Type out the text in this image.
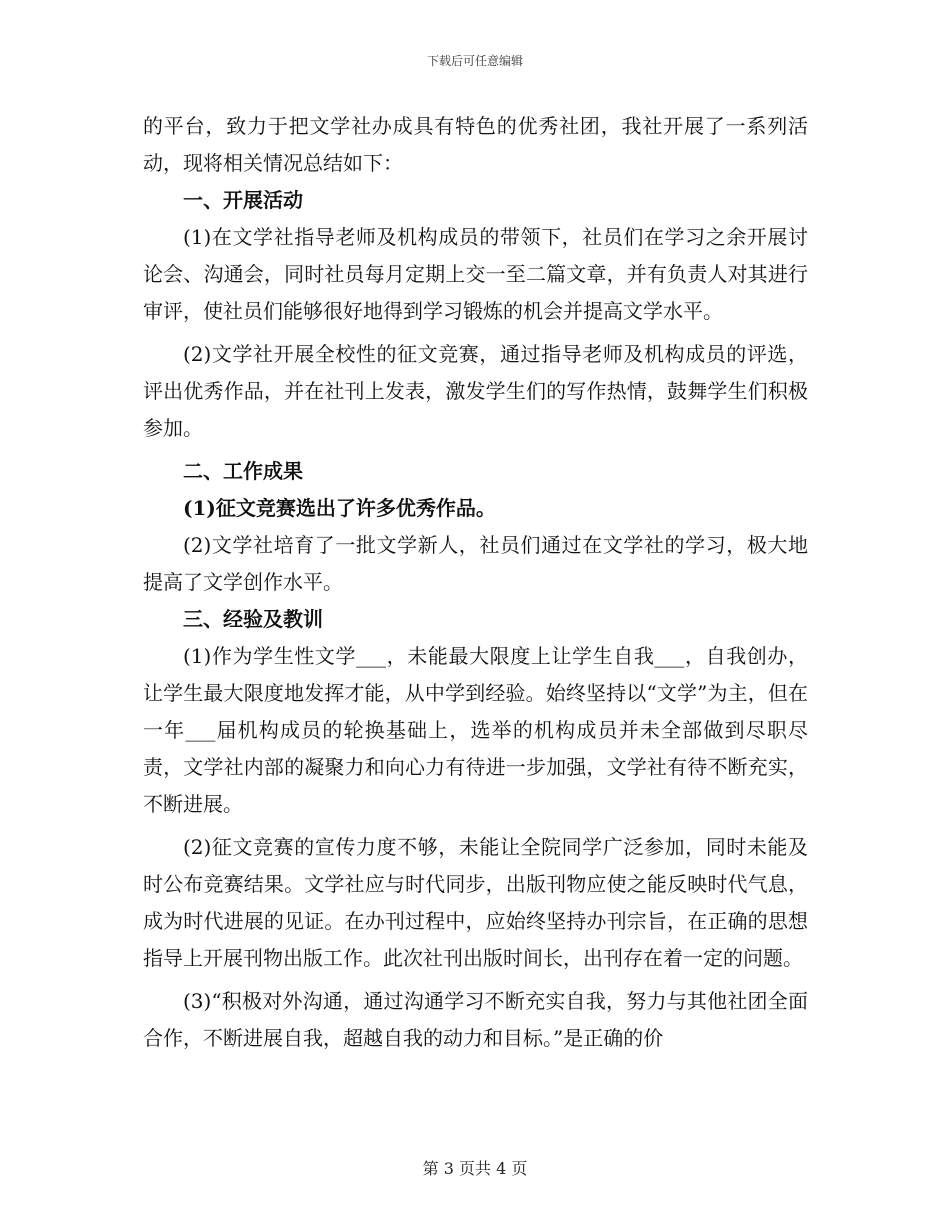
下载后可任意编辑

的平台，致力于把文学社办成具有特色的优秀社团，我社开展了一系列活动，现将相关情况总结如下：

一、开展活动

(1)在文学社指导老师及机构成员的带领下，社员们在学习之余开展讨论会、沟通会，同时社员每月定期上交一至二篇文章，并有负责人对其进行审评，使社员们能够很好地得到学习锻炼的机会并提高文学水平。

(2)文学社开展全校性的征文竞赛，通过指导老师及机构成员的评选，评出优秀作品，并在社刊上发表，激发学生们的写作热情，鼓舞学生们积极参加。

二、工作成果

(1)征文竞赛选出了许多优秀作品。

(2)文学社培育了一批文学新人，社员们通过在文学社的学习，极大地提高了文学创作水平。

三、经验及教训

(1)作为学生性文学___，未能最大限度上让学生自我___，自我创办，让学生最大限度地发挥才能，从中学到经验。始终坚持以“文学”为主，但在一年___届机构成员的轮换基础上，选举的机构成员并未全部做到尽职尽责，文学社内部的凝聚力和向心力有待进一步加强，文学社有待不断充实，不断进展。

(2)征文竞赛的宣传力度不够，未能让全院同学广泛参加，同时未能及时公布竞赛结果。文学社应与时代同步，出版刊物应使之能反映时代气息，成为时代进展的见证。在办刊过程中，应始终坚持办刊宗旨，在正确的思想指导上开展刊物出版工作。此次社刊出版时间长，出刊存在着一定的问题。

(3)“积极对外沟通，通过沟通学习不断充实自我，努力与其他社团全面合作，不断进展自我，超越自我的动力和目标。”是正确的价

第 3 页共 4 页
